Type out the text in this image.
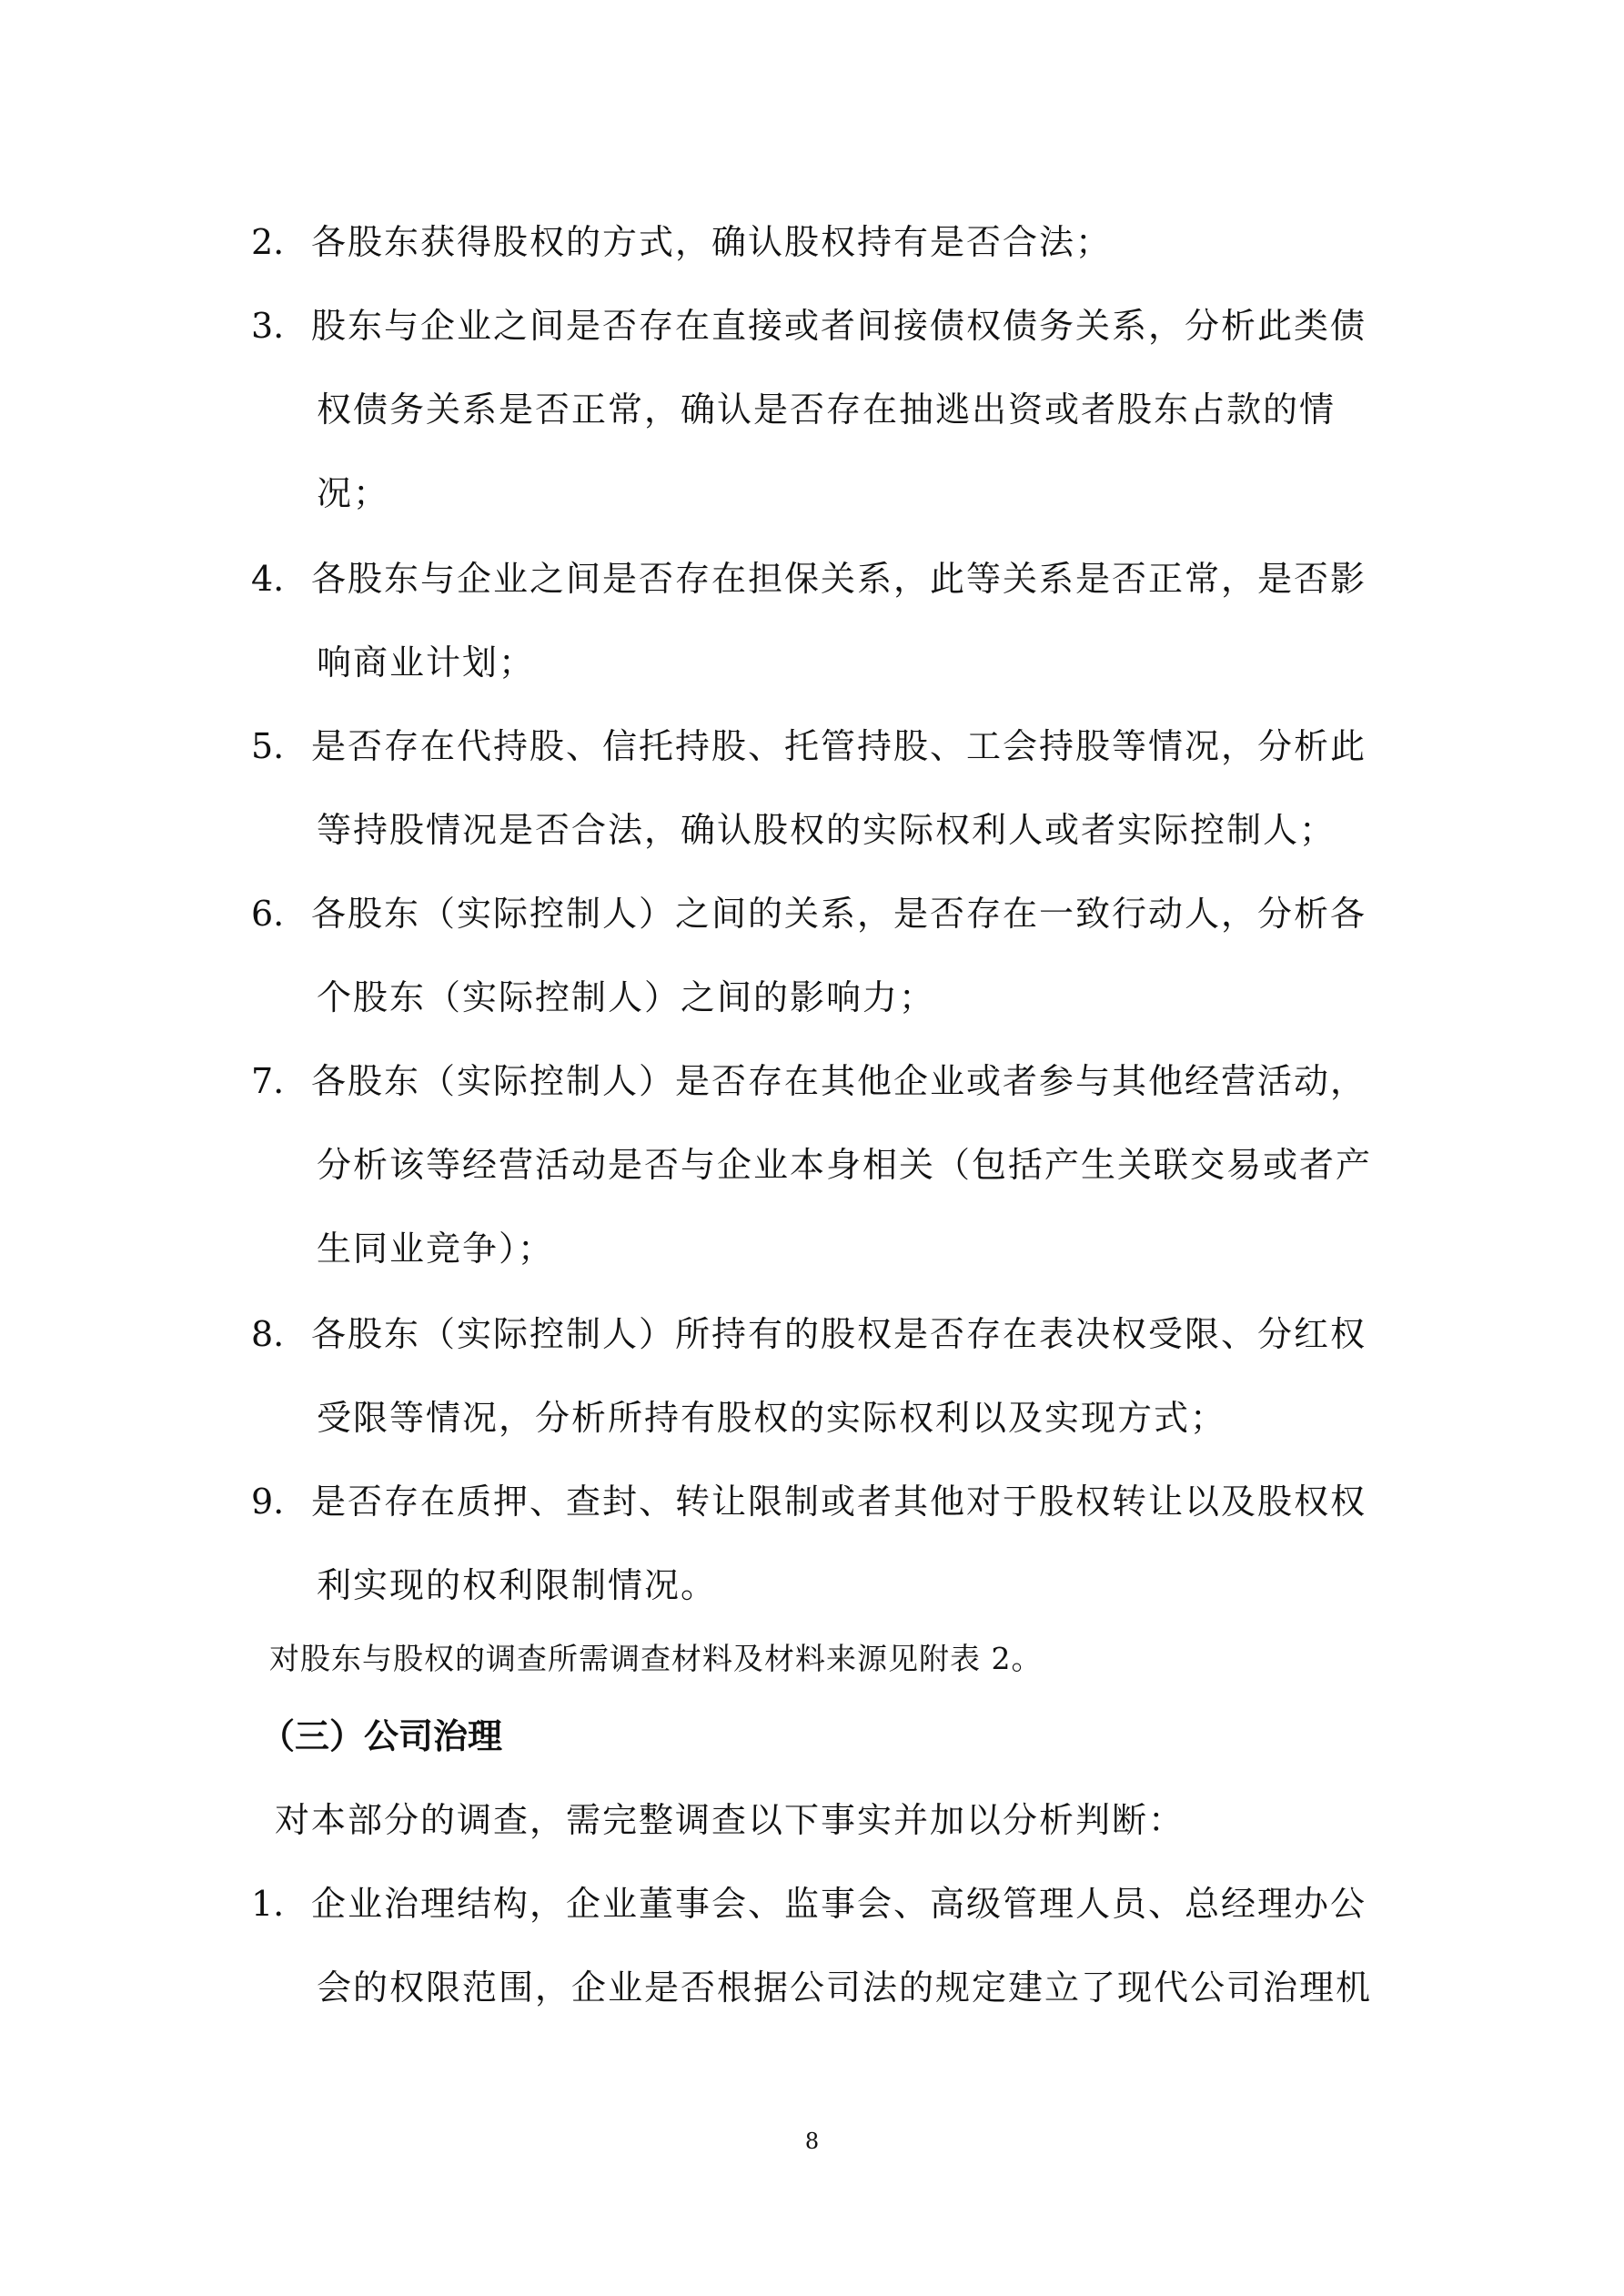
2. 各股东获得股权的方式，确认股权持有是否合法；
3. 股东与企业之间是否存在直接或者间接债权债务关系，分析此类债
权债务关系是否正常，确认是否存在抽逃出资或者股东占款的情
况；
4. 各股东与企业之间是否存在担保关系，此等关系是否正常，是否影
响商业计划；
5. 是否存在代持股、信托持股、托管持股、工会持股等情况，分析此
等持股情况是否合法，确认股权的实际权利人或者实际控制人；
6. 各股东（实际控制人）之间的关系，是否存在一致行动人，分析各
个股东（实际控制人）之间的影响力；
7. 各股东（实际控制人）是否存在其他企业或者参与其他经营活动，
分析该等经营活动是否与企业本身相关（包括产生关联交易或者产
生同业竞争）；
8. 各股东（实际控制人）所持有的股权是否存在表决权受限、分红权
受限等情况，分析所持有股权的实际权利以及实现方式；
9. 是否存在质押、查封、转让限制或者其他对于股权转让以及股权权
利实现的权利限制情况。
对股东与股权的调查所需调查材料及材料来源见附表 2。
（三）公司治理
对本部分的调查，需完整调查以下事实并加以分析判断：
1. 企业治理结构，企业董事会、监事会、高级管理人员、总经理办公
会的权限范围，企业是否根据公司法的规定建立了现代公司治理机
8
